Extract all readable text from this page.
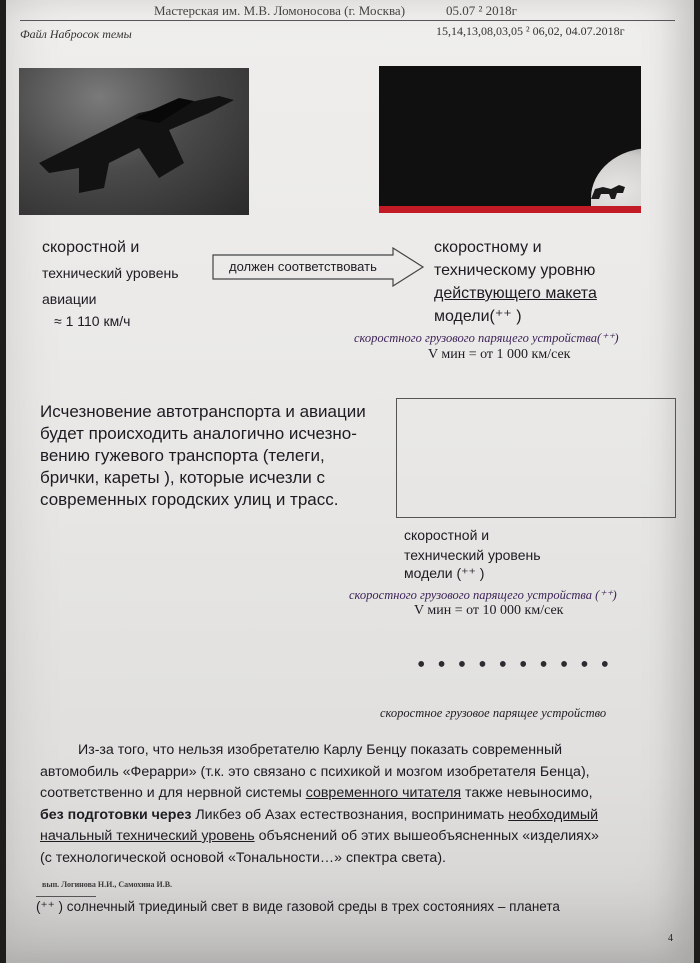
Мастерская им. М.В. Ломоносова (г. Москва)	05.07 ² 2018г
Файл Набросок темы	15,14,13,08,03,05 ² 06,02, 04.07.2018г
скоростной и
технический уровень
авиации
≈ 1 110 км/ч
должен соответствовать
скоростному и
техническому уровню
действующего макета
модели(⁺⁺ )
скоростного грузового парящего устройства(⁺⁺)
V мин = от 1 000 км/сек
Исчезновение автотранспорта и авиации
будет происходить аналогично исчезно-
вению гужевого транспорта (телеги,
брички, кареты ), которые исчезли с
современных городских улиц и трасс.
скоростной и
технический уровень
модели (⁺⁺ )
скоростного грузового парящего устройства (⁺⁺)
V мин = от 10 000 км/сек
••••••••••
скоростное грузовое парящее устройство
Из-за того, что нельзя изобретателю Карлу Бенцу показать современный
автомобиль «Ферарри» (т.к. это связано с психикой и мозгом изобретателя Бенца),
соответственно и для нервной системы современного читателя также невыносимо,
без подготовки через Ликбез об Азах естествознания, воспринимать необходимый
начальный технический уровень объяснений об этих вышеобъясненных «изделиях»
(с технологической основой «Тональности…» спектра света).
вып. Логинова Н.И., Самохина И.В.
(⁺⁺ ) солнечный триединый свет в виде газовой среды в трех состояниях – планета
4
